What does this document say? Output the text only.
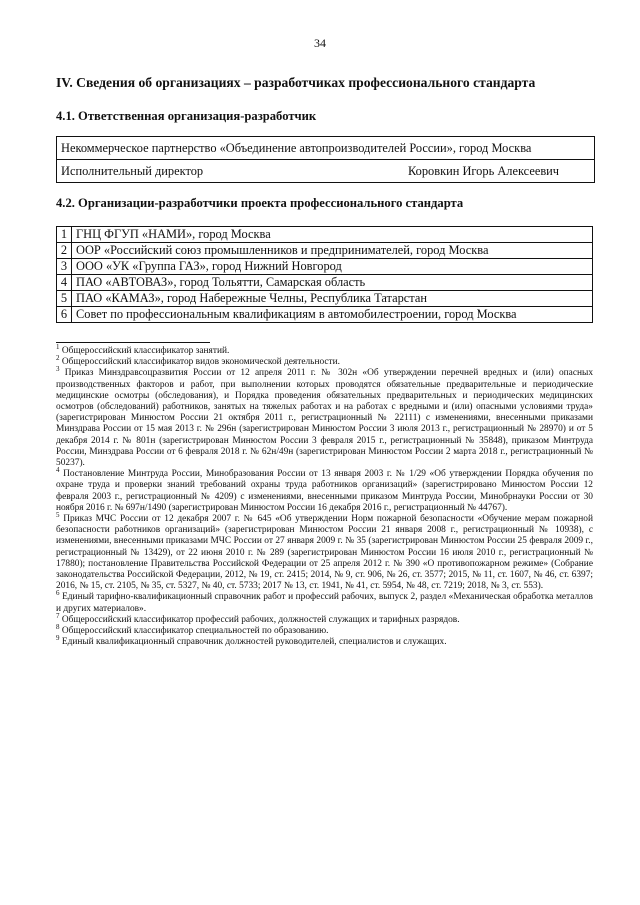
34
IV. Сведения об организациях – разработчиках профессионального стандарта
4.1. Ответственная организация-разработчик
Некоммерческое партнерство «Объединение автопроизводителей России», город Москва
Исполнительный директор	Коровкин Игорь Алексеевич
4.2. Организации-разработчики проекта профессионального стандарта
1	ГНЦ ФГУП «НАМИ», город Москва
2	ООР «Российский союз промышленников и предпринимателей, город Москва
3	ООО «УК «Группа ГАЗ», город Нижний Новгород
4	ПАО «АВТОВАЗ», город Тольятти, Самарская область
5	ПАО «КАМАЗ», город Набережные Челны, Республика Татарстан
6	Совет по профессиональным квалификациям в автомобилестроении, город Москва

$^1$ Общероссийский классификатор занятий.

$^2$ Общероссийский классификатор видов экономической деятельности.

$^3$ Приказ Минздравсоцразвития России от 12 апреля 2011 г. № 302н «Об утверждении перечней вредных и (или) опасных производственных факторов и работ, при выполнении которых проводятся обязательные предварительные и периодические медицинские осмотры (обследования), и Порядка проведения обязательных предварительных и периодических медицинских осмотров (обследований) работников, занятых на тяжелых работах и на работах с вредными и (или) опасными условиями труда» (зарегистрирован Минюстом России 21 октября 2011 г., регистрационный № 22111) с изменениями, внесенными приказами Минздрава России от 15 мая 2013 г. № 296н (зарегистрирован Минюстом России 3 июля 2013 г., регистрационный № 28970) и от 5 декабря 2014 г. № 801н (зарегистрирован Минюстом России 3 февраля 2015 г., регистрационный № 35848), приказом Минтруда России, Минздрава России от 6 февраля 2018 г. № 62н/49н (зарегистрирован Минюстом России 2 марта 2018 г., регистрационный № 50237).

$^4$ Постановление Минтруда России, Минобразования России от 13 января 2003 г. № 1/29 «Об утверждении Порядка обучения по охране труда и проверки знаний требований охраны труда работников организаций» (зарегистрировано Минюстом России 12 февраля 2003 г., регистрационный № 4209) с изменениями, внесенными приказом Минтруда России, Минобрнауки России от 30 ноября 2016 г. № 697н/1490 (зарегистрирован Минюстом России 16 декабря 2016 г., регистрационный № 44767).

$^5$ Приказ МЧС России от 12 декабря 2007 г. № 645 «Об утверждении Норм пожарной безопасности «Обучение мерам пожарной безопасности работников организаций» (зарегистрирован Минюстом России 21 января 2008 г., регистрационный № 10938), с изменениями, внесенными приказами МЧС России от 27 января 2009 г. № 35 (зарегистрирован Минюстом России 25 февраля 2009 г., регистрационный № 13429), от 22 июня 2010 г. № 289 (зарегистрирован Минюстом России 16 июля 2010 г., регистрационный № 17880); постановление Правительства Российской Федерации от 25 апреля 2012 г. № 390 «О противопожарном режиме» (Собрание законодательства Российской Федерации, 2012, № 19, ст. 2415; 2014, № 9, ст. 906, № 26, ст. 3577; 2015, № 11, ст. 1607, № 46, ст. 6397; 2016, № 15, ст. 2105, № 35, ст. 5327, № 40, ст. 5733; 2017 № 13, ст. 1941, № 41, ст. 5954, № 48, ст. 7219; 2018, № 3, ст. 553).

$^6$ Единый тарифно-квалификационный справочник работ и профессий рабочих, выпуск 2, раздел «Механическая обработка металлов и других материалов».

$^7$ Общероссийский классификатор профессий рабочих, должностей служащих и тарифных разрядов.

$^8$ Общероссийский классификатор специальностей по образованию.

$^9$ Единый квалификационный справочник должностей руководителей, специалистов и служащих.
